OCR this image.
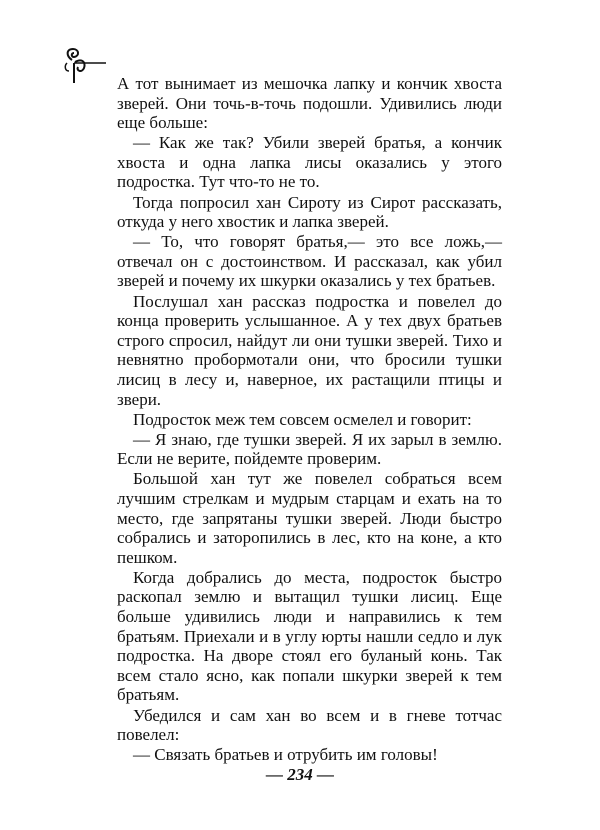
А тот вынимает из мешочка лапку и кончик хвоста зверей. Они точь-в-точь подошли. Удивились люди еще больше:

— Как же так? Убили зверей братья, а кончик хвоста и одна лапка лисы оказались у этого подростка. Тут что-то не то.

Тогда попросил хан Сироту из Сирот рассказать, откуда у него хвостик и лапка зверей.

— То, что говорят братья,— это все ложь,— отвечал он с достоинством. И рассказал, как убил зверей и почему их шкурки оказались у тех братьев.

Послушал хан рассказ подростка и повелел до конца проверить услышанное. А у тех двух братьев строго спросил, найдут ли они тушки зверей. Тихо и невнятно пробормотали они, что бросили тушки лисиц в лесу и, наверное, их растащили птицы и звери.

Подросток меж тем совсем осмелел и говорит:

— Я знаю, где тушки зверей. Я их зарыл в землю. Если не верите, пойдемте проверим.

Большой хан тут же повелел собраться всем лучшим стрелкам и мудрым старцам и ехать на то место, где запрятаны тушки зверей. Люди быстро собрались и заторопились в лес, кто на коне, а кто пешком.

Когда добрались до места, подросток быстро раскопал землю и вытащил тушки лисиц. Еще больше удивились люди и направились к тем братьям. Приехали и в углу юрты нашли седло и лук подростка. На дворе стоял его буланый конь. Так всем стало ясно, как попали шкурки зверей к тем братьям.

Убедился и сам хан во всем и в гневе тотчас повелел:

— Связать братьев и отрубить им головы!

— 234 —
